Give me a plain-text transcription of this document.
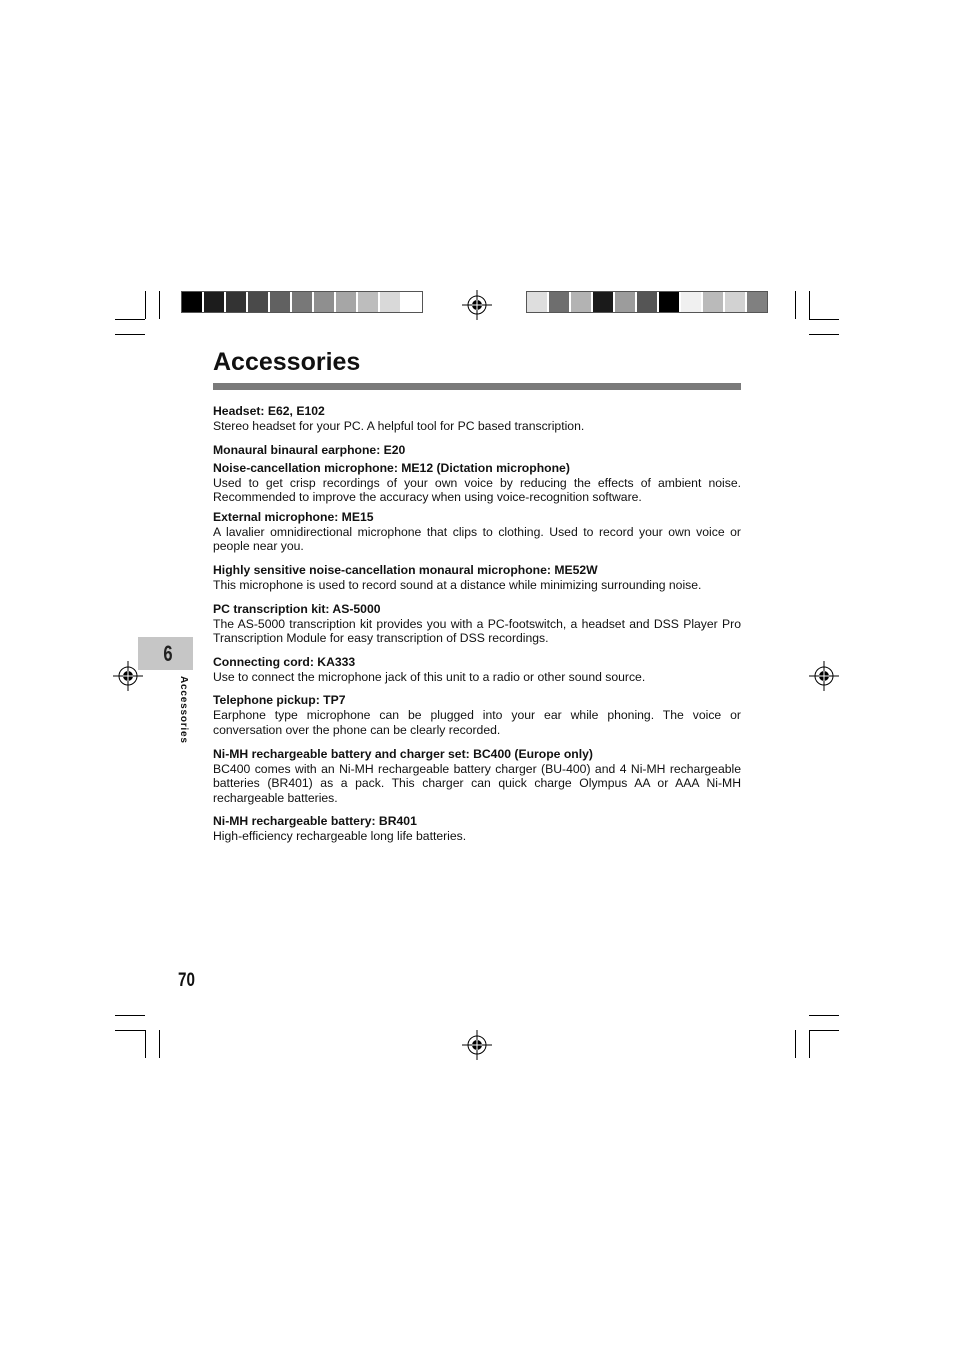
Accessories
6
Accessories
Headset: E62, E102

Stereo headset for your PC. A helpful tool for PC based transcription.

Monaural binaural earphone: E20
Noise-cancellation microphone: ME12 (Dictation microphone)

Used to get crisp recordings of your own voice by reducing the effects of ambient noise. Recommended to improve the accuracy when using voice-recognition software.

External microphone: ME15

A lavalier omnidirectional microphone that clips to clothing. Used to record your own voice or people near you.

Highly sensitive noise-cancellation monaural microphone: ME52W

This microphone is used to record sound at a distance while minimizing surrounding noise.

PC transcription kit: AS-5000

The AS-5000 transcription kit provides you with a PC-footswitch, a headset and DSS Player Pro Transcription Module for easy transcription of DSS recordings.

Connecting cord: KA333

Use to connect the microphone jack of this unit to a radio or other sound source.

Telephone pickup: TP7

Earphone type microphone can be plugged into your ear while phoning. The voice or conversation over the phone can be clearly recorded.

Ni-MH rechargeable battery and charger set: BC400 (Europe only)

BC400 comes with an Ni-MH rechargeable battery charger (BU-400) and 4 Ni-MH rechargeable batteries (BR401) as a pack. This charger can quick charge Olympus AA or AAA Ni-MH rechargeable batteries.

Ni-MH rechargeable battery: BR401

High-efficiency rechargeable long life batteries.

70
